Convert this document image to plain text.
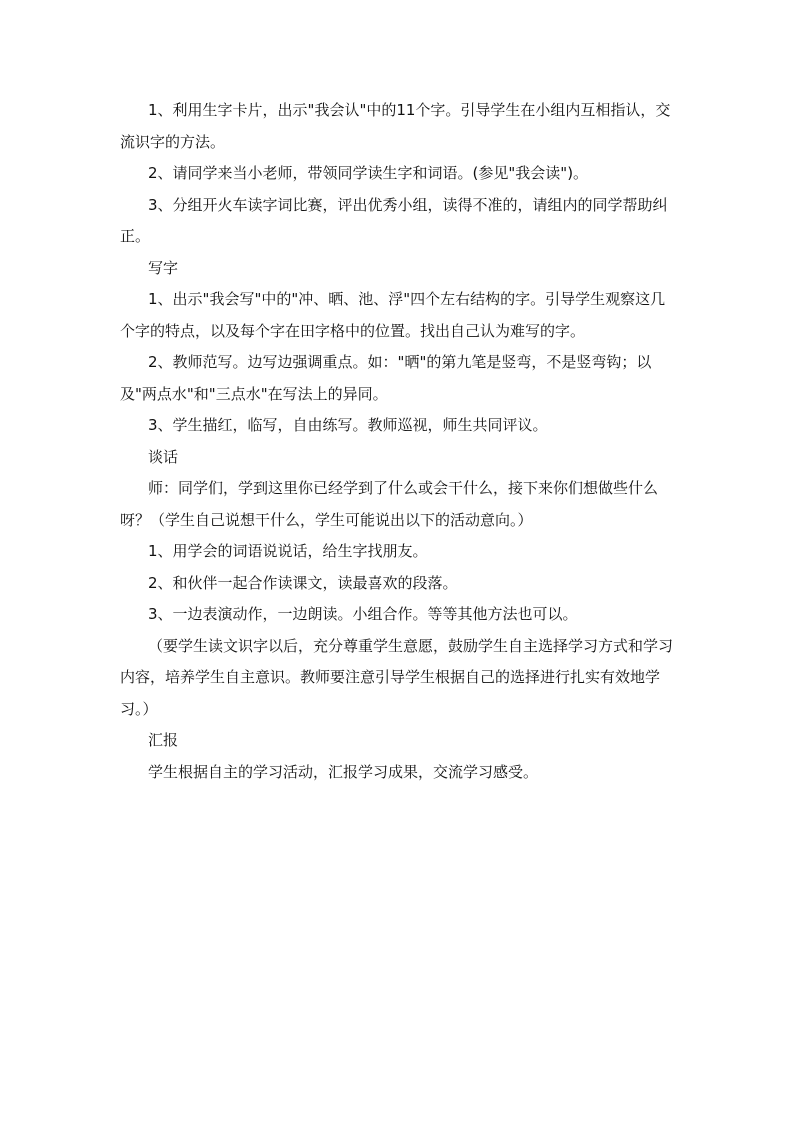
1、利用生字卡片，出示"我会认"中的11个字。引导学生在小组内互相指认，交流识字的方法。

2、请同学来当小老师，带领同学读生字和词语。(参见"我会读")。

3、分组开火车读字词比赛，评出优秀小组，读得不准的，请组内的同学帮助纠正。

写字

1、出示"我会写"中的"冲、晒、池、浮"四个左右结构的字。引导学生观察这几个字的特点，以及每个字在田字格中的位置。找出自己认为难写的字。

2、教师范写。边写边强调重点。如："晒"的第九笔是竖弯，不是竖弯钩；以及"两点水"和"三点水"在写法上的异同。

3、学生描红，临写，自由练写。教师巡视，师生共同评议。

谈话

师：同学们，学到这里你已经学到了什么或会干什么，接下来你们想做些什么呀？（学生自己说想干什么，学生可能说出以下的活动意向。）

1、用学会的词语说说话，给生字找朋友。

2、和伙伴一起合作读课文，读最喜欢的段落。

3、一边表演动作，一边朗读。小组合作。等等其他方法也可以。

（要学生读文识字以后，充分尊重学生意愿，鼓励学生自主选择学习方式和学习内容，培养学生自主意识。教师要注意引导学生根据自己的选择进行扎实有效地学习。）

汇报

学生根据自主的学习活动，汇报学习成果，交流学习感受。
